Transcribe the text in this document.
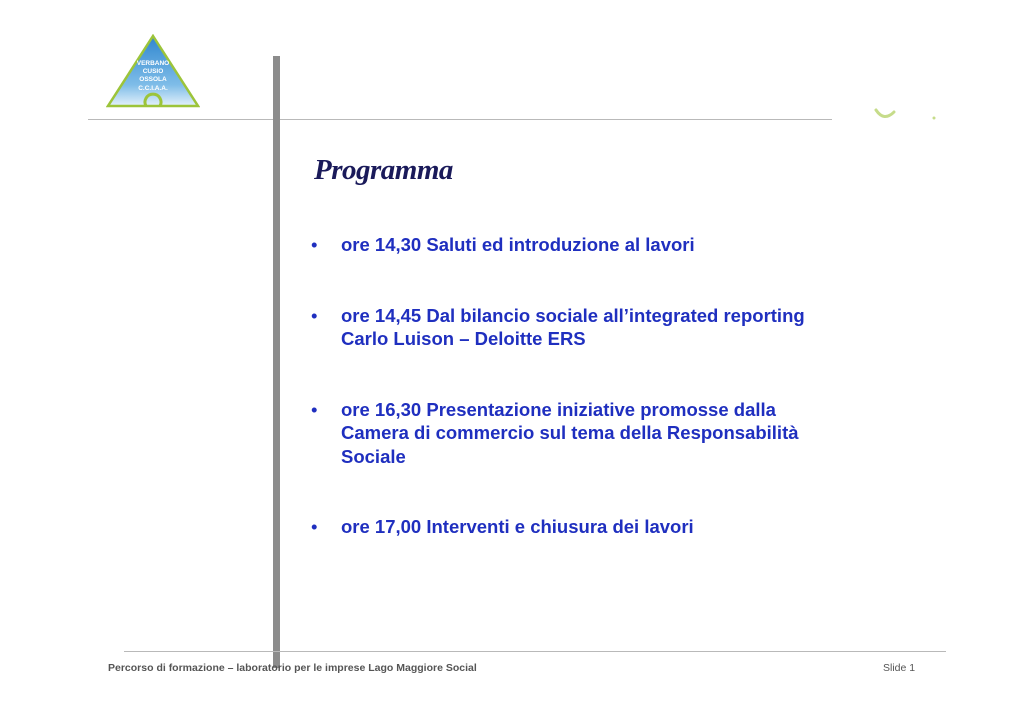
VERBANO
CUSIO
OSSOLA
C.C.I.A.A.
Programma
• ore 14,30 Saluti ed introduzione al lavori
• ore 14,45 Dal bilancio sociale all’integrated reporting
Carlo Luison – Deloitte ERS
• ore 16,30 Presentazione iniziative promosse dalla
Camera di commercio sul tema della Responsabilità
Sociale
• ore 17,00 Interventi e chiusura dei lavori
Percorso di formazione – laboratorio per le imprese Lago Maggiore Social	Slide 1
